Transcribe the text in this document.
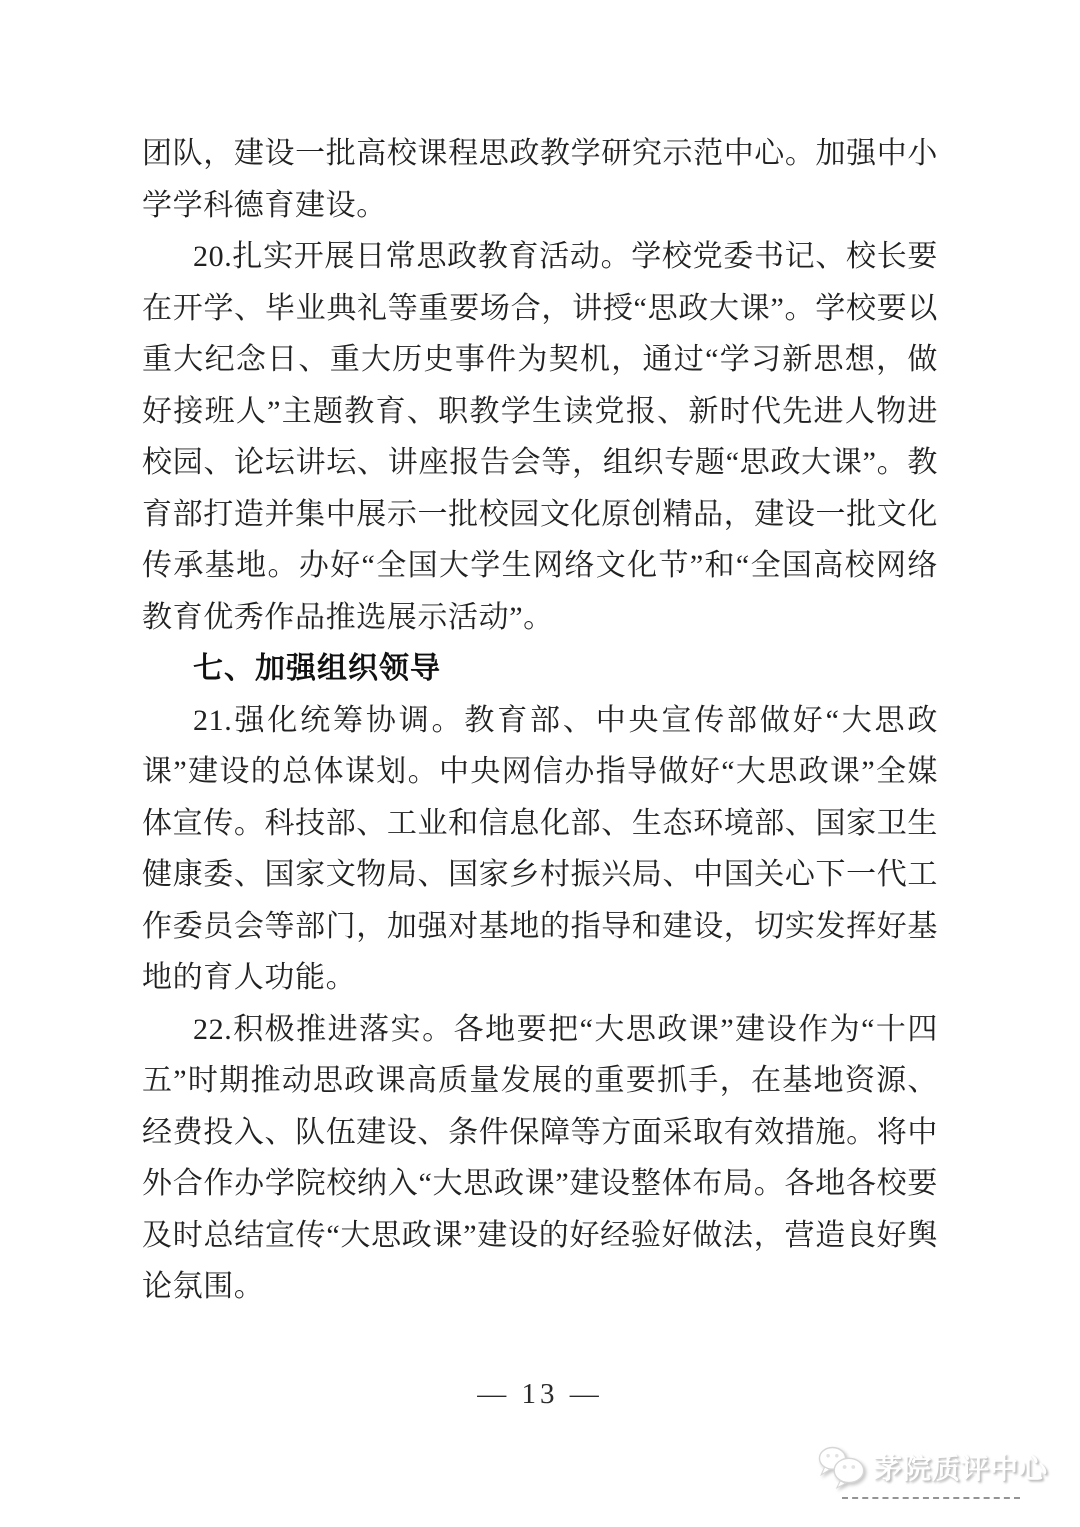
团队，建设一批高校课程思政教学研究示范中心。加强中小学学科德育建设。

20.扎实开展日常思政教育活动。学校党委书记、校长要在开学、毕业典礼等重要场合，讲授“思政大课”。学校要以重大纪念日、重大历史事件为契机，通过“学习新思想，做好接班人”主题教育、职教学生读党报、新时代先进人物进校园、论坛讲坛、讲座报告会等，组织专题“思政大课”。教育部打造并集中展示一批校园文化原创精品，建设一批文化传承基地。办好“全国大学生网络文化节”和“全国高校网络教育优秀作品推选展示活动”。

七、加强组织领导

21.强化统筹协调。教育部、中央宣传部做好“大思政课”建设的总体谋划。中央网信办指导做好“大思政课”全媒体宣传。科技部、工业和信息化部、生态环境部、国家卫生健康委、国家文物局、国家乡村振兴局、中国关心下一代工作委员会等部门，加强对基地的指导和建设，切实发挥好基地的育人功能。

22.积极推进落实。各地要把“大思政课”建设作为“十四五”时期推动思政课高质量发展的重要抓手，在基地资源、经费投入、队伍建设、条件保障等方面采取有效措施。将中外合作办学院校纳入“大思政课”建设整体布局。各地各校要及时总结宣传“大思政课”建设的好经验好做法，营造良好舆论氛围。

— 13 —
茅院质评中心
